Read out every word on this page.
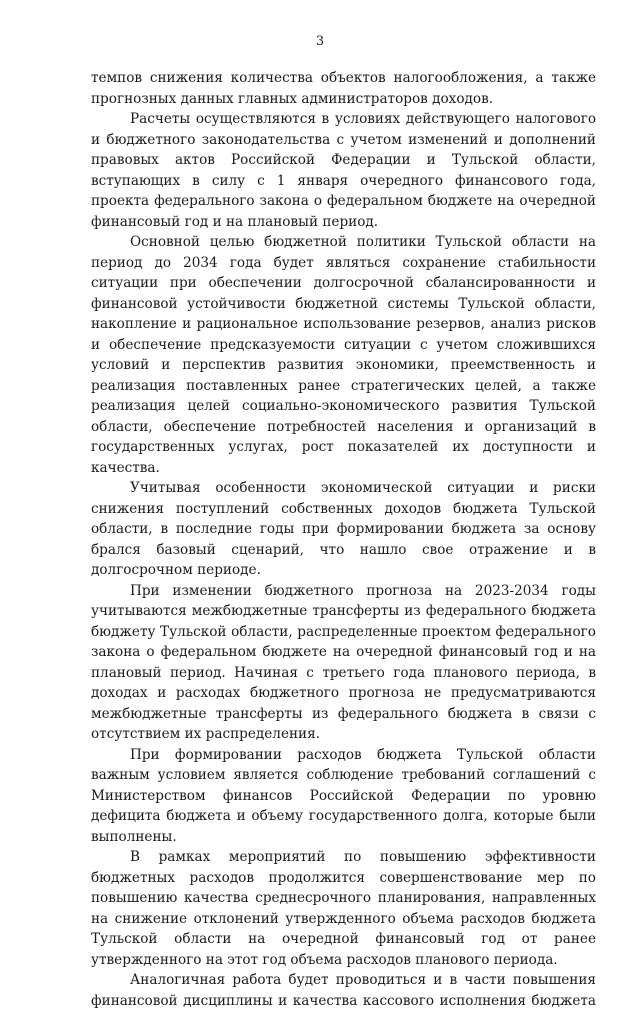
3

темпов снижения количества объектов налогообложения, а также прогнозных данных главных администраторов доходов.

Расчеты осуществляются в условиях действующего налогового и бюджетного законодательства с учетом изменений и дополнений правовых актов Российской Федерации и Тульской области, вступающих в силу с 1 января очередного финансового года, проекта федерального закона о федеральном бюджете на очередной финансовый год и на плановый период.

Основной целью бюджетной политики Тульской области на период до 2034 года будет являться сохранение стабильности ситуации при обеспечении долгосрочной сбалансированности и финансовой устойчивости бюджетной системы Тульской области, накопление и рациональное использование резервов, анализ рисков и обеспечение предсказуемости ситуации с учетом сложившихся условий и перспектив развития экономики, преемственность и реализация поставленных ранее стратегических целей, а также реализация целей социально-экономического развития Тульской области, обеспечение потребностей населения и организаций в государственных услугах, рост показателей их доступности и качества.

Учитывая особенности экономической ситуации и риски снижения поступлений собственных доходов бюджета Тульской области, в последние годы при формировании бюджета за основу брался базовый сценарий, что нашло свое отражение и в долгосрочном периоде.

При изменении бюджетного прогноза на 2023-2034 годы учитываются межбюджетные трансферты из федерального бюджета бюджету Тульской области, распределенные проектом федерального закона о федеральном бюджете на очередной финансовый год и на плановый период. Начиная с третьего года планового периода, в доходах и расходах бюджетного прогноза не предусматриваются межбюджетные трансферты из федерального бюджета в связи с отсутствием их распределения.

При формировании расходов бюджета Тульской области важным условием является соблюдение требований соглашений с Министерством финансов Российской Федерации по уровню дефицита бюджета и объему государственного долга, которые были выполнены.

В рамках мероприятий по повышению эффективности бюджетных расходов продолжится совершенствование мер по повышению качества среднесрочного планирования, направленных на снижение отклонений утвержденного объема расходов бюджета Тульской области на очередной финансовый год от ранее утвержденного на этот год объема расходов планового периода.

Аналогичная работа будет проводиться и в части повышения финансовой дисциплины и качества кассового исполнения бюджета
